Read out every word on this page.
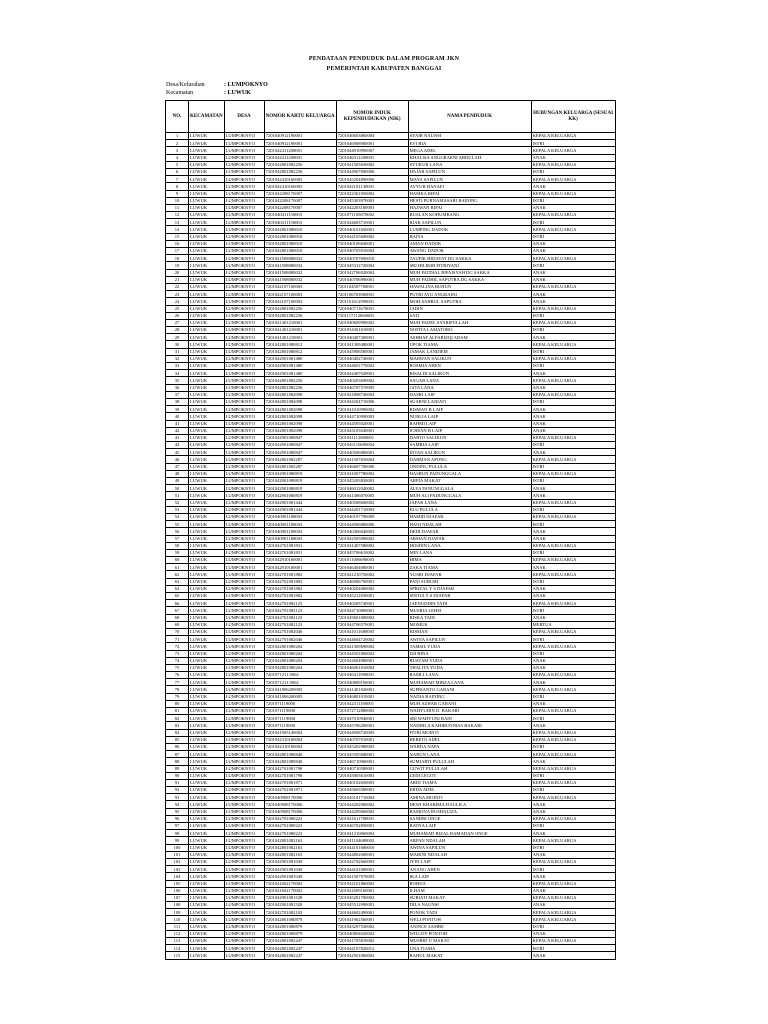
PENDATAAN PENDUDUK DALAM PROGRAM JKN
PEMERINTAH KABUPATEN BANGGAI
Desa/Kelurahan	: LUMPOKNYO
Kecamatan	: LUWUK
NO.	KECAMATAN	DESA	NOMOR KARTU KELUARGA	NOMOR INDUK KEPENDUDUKAN (NIK)	NAMA PENDUDUK	HUBUNGAN KELUARGA (SESUAI KK)
1	LUWUK	LUMPOKNYO	7201040912190001	7201046603860004	SYAIR NAUNSI	KEPALA KELUARGA
2	LUWUK	LUMPOKNYO	7201040912190001	7201046908900001	EVI BIA	ISTRI
3	LUWUK	LUMPOKNYO	7201042411200001	7201044910990007	MEGA ADEL	KEPALA KELUARGA
4	LUWUK	LUMPOKNYO	7201042411200001	7201046311200001	KHALISA ANGGRAENI ABDULAH	ANAK
5	LUWUK	LUMPOKNYO	7201042801082256	7201041505650002	SYUKUR LANA	KEPALA KELUARGA
6	LUWUK	LUMPOKNYO	7201042801082256	7201044907690006	HAJAR SAPILUN	ISTRI
7	LUWUK	LUMPOKNYO	7201042410160005	7201045204890006	MAYA SAPILUN	KEPALA KELUARGA
8	LUWUK	LUMPOKNYO	7201042410160005	7201042101130001	AYYUB HANAFI	ANAK
9	LUWUK	LUMPOKNYO	7201042208170007	7201022301950002	HAMKA RIFAI	KEPALA KELUARGA
10	LUWUK	LUMPOKNYO	7201042208170007	7201045303970003	HESTI PURNAMASARI BAINING	ISTRI
11	LUWUK	LUMPOKNYO	7201042208170007	7201042203180003	HAZWAN RIFAI	ANAK
12	LUWUK	LUMPOKNYO	7201040411150003	7201071105870002	RUSLAN KOHUMBANG	KEPALA KELUARGA
13	LUWUK	LUMPOKNYO	7201040411150003	7201044603710001	RIAK SAPILUN	ISTRI
14	LUWUK	LUMPOKNYO	7201042801080010	7201040101650001	LUMPING DADOK	KEPALA KELUARGA
15	LUWUK	LUMPOKNYO	7201042801080010	7201044105600002	BAIYA	ISTRI
16	LUWUK	LUMPOKNYO	7201042801080010	7201040106840001	AMAN DADOK	ANAK
17	LUWUK	LUMPOKNYO	7201042801080010	7201040705910004	AWANG DADOK	ANAK
18	LUWUK	LUMPOKNYO	7201041508080032	7201040707690010	TAUFIK HIDAYAT DG SAKKA	KEPALA KELUARGA
19	LUWUK	LUMPOKNYO	7201041508080032	7201045312720004	SRI HILIKHI FITRIYANI	ISTRI
20	LUWUK	LUMPOKNYO	7201041508080032	7201042706920004	MUH FATDIAL RIFAISYAH DG SAKKA	ANAK
21	LUWUK	LUMPOKNYO	7201041508080032	7201040706990001	MUH FADHIL SAPUTRA DG SAKKA	ANAK
22	LUWUK	LUMPOKNYO	7201042107100003	7201104507760001	HAWALINA BUHUN	KEPALA KELUARGA
23	LUWUK	LUMPOKNYO	7201042107100003	7201106703960001	PUTRI AYU ANGRAINI	ANAK
24	LUWUK	LUMPOKNYO	7201042107100003	7201101612990001	MOH.SAHRUL SAPUTRA	ANAK
25	LUWUK	LUMPOKNYO	7201042801082256	7201040711670001	JADIN	KEPALA KELUARGA
26	LUWUK	LUMPOKNYO	7201042801082256	7201117112660003	SATI	ISTRI
27	LUWUK	LUMPOKNYO	7201041401210001	7201040609990002	MUH FADEL SYARIFULLAH	KEPALA KELUARGA
28	LUWUK	LUMPOKNYO	7201041401210001	7201054301010001	NOFITA LAMATORO	ISTRI
29	LUWUK	LUMPOKNYO	7201041401210001	7201040407200001	ASHHAF ALFARIZQI ADAM	ANAK
30	LUWUK	LUMPOKNYO	7201042801080812	7201041309480001	UPOK TIAMA	KEPALA KELUARGA
31	LUWUK	LUMPOKNYO	7201042801080812	7201045906580001	JAMAK LANDIEM	ISTRI
32	LUWUK	LUMPOKNYO	7201042901081480	7201040402740001	MARWAN SALIKUN	KEPALA KELUARGA
33	LUWUK	LUMPOKNYO	7201042901081480	7201044601770002	ROSMIA AHEN	ISTRI
34	LUWUK	LUMPOKNYO	7201042901081480	7201042407020001	RISALDI SALIKUN	ANAK
35	LUWUK	LUMPOKNYO	7201042801082256	7201040203690002	SAGAB LANA	KEPALA KELUARGA
36	LUWUK	LUMPOKNYO	7201042801082256	7201046707570005	GITA LANA	ANAK
37	LUWUK	LUMPOKNYO	7201042801082098	7201041808740004	DASRI LAIP	KEPALA KELUARGA
38	LUWUK	LUMPOKNYO	7201042801082098	7201044204710006	SUARNI LANIATI	ISTRI
39	LUWUK	LUMPOKNYO	7201042801082098	7201041010990002	RISMAN B LAIP	ANAK
40	LUWUK	LUMPOKNYO	7201042801082098	7201044710990003	NURLIA LAIP	ANAK
41	LUWUK	LUMPOKNYO	7201042801082098	7201044505020001	RAHMI LAIP	ANAK
42	LUWUK	LUMPOKNYO	7201042801082098	7201043103040001	ICHSAN B LAIP	ANAK
43	LUWUK	LUMPOKNYO	7201042901080847	7201041112680001	DARTO SALIKUN	KEPALA KELUARGA
44	LUWUK	LUMPOKNYO	7201042901080847	7201045110690004	SAMRIA LAIP	ISTRI
45	LUWUK	LUMPOKNYO	7201042901080847	7201040506080001	INTAN SALIKUN	ANAK
46	LUWUK	LUMPOKNYO	7201042801082287	7201041507650004	DARMAN APONG	KEPALA KELUARGA
47	LUWUK	LUMPOKNYO	7201042801082287	7201046607780006	ONDING PULULA	ISTRI
48	LUWUK	LUMPOKNYO	7201042901080819	7201041007780002	HASRUN PADUNGGALA	KEPALA KELUARGA
49	LUWUK	LUMPOKNYO	7201042901080819	7201045203830003	ARPIA MAKAT	ISTRI
50	LUWUK	LUMPOKNYO	7201042901080819	7201046012040002	ALYA PANUNGGALA	ANAK
51	LUWUK	LUMPOKNYO	7201042901080819	7201041406070005	MUH ALI PADUNGGALA	ANAK
52	LUWUK	LUMPOKNYO	7201042901081444	7201040508600002	JAFAR LANA	KEPALA KELUARGA
53	LUWUK	LUMPOKNYO	7201042901081444	7201044201710003	ELU PULULA	ISTRI
54	LUWUK	LUMPOKNYO	7201040901180003	7201040107790009	HAMID DJAFAR	KEPALA KELUARGA
55	LUWUK	LUMPOKNYO	7201040901180003	7201044906880006	HANI NDALAH	ISTRI
56	LUWUK	LUMPOKNYO	7201040901180003	7201040406040003	DEDI DJAFAR	ANAK
57	LUWUK	LUMPOKNYO	7201040901180003	7201042505090002	ARMAN DJAFAR	ANAK
58	LUWUK	LUMPOKNYO	7201042701081831	7201041407580002	HOSDIN LANA	KEPALA KELUARGA
59	LUWUK	LUMPOKNYO	7201042701081831	7201045706610002	MIN LANA	ISTRI
60	LUWUK	LUMPOKNYO	7201042910100001	7201011006690003	HIMA	KEPALA KELUARGA
61	LUWUK	LUMPOKNYO	7201042910100001	7201046404080001	ZAKA TIAMA	ANAK
62	LUWUK	LUMPOKNYO	7201042701081882	7201041210750002	YUSRI DJAFAR	KEPALA KELUARGA
63	LUWUK	LUMPOKNYO	7201042701081882	7201046906790001	PANI SUBUHI	ISTRI
64	LUWUK	LUMPOKNYO	7201042701081882	7201040204000002	SPRIZAL Y S DJAFAR	ANAK
65	LUWUK	LUMPOKNYO	7201042701081882	7201045212030001	SINTIA Y S DJAFAR	ANAK
66	LUWUK	LUMPOKNYO	7201042701082123	7201040205740001	JAENUDDIN TADI	KEPALA KELUARGA
67	LUWUK	LUMPOKNYO	7201042701082123	7201044710800001	MUSRIA LEHSI	ISTRI
68	LUWUK	LUMPOKNYO	7201042701082123	7201045601000002	RISKA TADI	ANAK
69	LUWUK	LUMPOKNYO	7201042701082123	7201044706570001	MOMUK	MERTUA
70	LUWUK	LUMPOKNYO	7201042701082046	7201041011680005	KISMAN	KEPALA KELUARGA
71	LUWUK	LUMPOKNYO	7201042701082046	7201044604720002	AWINA SAPILUN	ISTRI
72	LUWUK	LUMPOKNYO	7201042801080204	7201041309690002	TAMSIL YUDA	KEPALA KELUARGA
73	LUWUK	LUMPOKNYO	7201042801080204	7201044501800002	DJI BINA	ISTRI
74	LUWUK	LUMPOKNYO	7201042801080204	7201042604980001	RUSTAM YUDA	ANAK
75	LUWUK	LUMPOKNYO	7201042801080204	7201046061010004	THALITA YUDA	ANAK
76	LUWUK	LUMPOKNYO	7201071211 0002	7201046411890001	RAMLI LANA	KEPALA KELUARGA
77	LUWUK	LUMPOKNYO	7201071211 0002	7201040809190001	MUHAMAD MIRZA LANA	ANAK
78	LUWUK	LUMPOKNYO	7201041806200005	7201041401020001	SUPRIANTO GARANI	KEPALA KELUARGA
79	LUWUK	LUMPOKNYO	7201041806200005	7201046801010001	NADIA BAINING	ISTRI
80	LUWUK	LUMPOKNYO	7201071119000	7201042311180001	MUH AZHAR GARANI	ANAK
81	LUWUK	LUMPOKNYO	7201071119000	7201072712880003	WAHYUDIN D. BAKARI	KEPALA KELUARGA
82	LUWUK	LUMPOKNYO	7201071119000	7201047010940001	SRI WAHYUNI BAIN	ISTRI
83	LUWUK	LUMPOKNYO	7201071119000	7201045706200001	NADHILA KAHIRUNNISA BAKARI	ANAK
84	LUWUK	LUMPOKNYO	7201041905140004	7201044908720005	FITRI MOINTI	KEPALA KELUARGA
85	LUWUK	LUMPOKNYO	7201042310180004	7201040707910001	BERETO ADEL	KEPALA KELUARGA
86	LUWUK	LUMPOKNYO	7201042310180004	7201045202980003	WARDA NAPA	ISTRI
87	LUWUK	LUMPOKNYO	7201042801080840	7201045505680001	NARUN LANA	KEPALA KELUARGA
88	LUWUK	LUMPOKNYO	7201042801080840	7201046710960001	SUMIARTI PULULAH	ANAK
89	LUWUK	LUMPOKNYO	7201042701081798	7201040710580001	GUWIT PULULAH	KEPALA KELUARGA
90	LUWUK	LUMPOKNYO	7201042701081798	7201045003610003	LEDI LEGOT	ISTRI
91	LUWUK	LUMPOKNYO	7201042701081871	7201040102650003	ARDI TIAMA	KEPALA KELUARGA
92	LUWUK	LUMPOKNYO	7201042701081871	7201045603580001	ERDA ADEL	ISTRI
93	LUWUK	LUMPOKNYO	7201040908170006	7201045101710004	AMINA MOINTI	KEPALA KELUARGA
94	LUWUK	LUMPOKNYO	7201040908170006	7201044202000002	DEWI KHARIMA H SULILA	ANAK
95	LUWUK	LUMPOKNYO	7201040908170006	7201044209060002	RAMONA RUSHALIZA	ANAK
96	LUWUK	LUMPOKNYO	7201042701080223	7201041611780001	SANDRI ONGE	KEPALA KELUARGA
97	LUWUK	LUMPOKNYO	7201042701080223	7201046702850001	RATNA LAIP	ISTRI
98	LUWUK	LUMPOKNYO	7201042701080223	7201041310060004	MUHAMAD RIZAL RAMADAN ONGE	ANAK
99	LUWUK	LUMPOKNYO	7201042801082163	7201041104680002	ARPAN NDALAH	KEPALA KELUARGA
100	LUWUK	LUMPOKNYO	7201042801082163	7201044101680010	AWINA SAPILUN	ISTRI
101	LUWUK	LUMPOKNYO	7201042801082163	7201044802000001	MARINI NDALAH	ANAK
102	LUWUK	LUMPOKNYO	7201042901081049	7201042702660003	IYIN LAIP	KEPALA KELUARGA
103	LUWUK	LUMPOKNYO	7201042901081049	7201044101680001	ANANG AHEN	ISTRI
104	LUWUK	LUMPOKNYO	7201042901081049	7201041507970003	IKA LAIP	ANAK
105	LUWUK	LUMPOKNYO	7201041602170002	7201042101860002	ROHIJA	KEPALA KELUARGA
106	LUWUK	LUMPOKNYO	7201041602170002	7201041609160001	ILHAM	ANAK
107	LUWUK	LUMPOKNYO	7201042901081528	7201045201700002	SURIATI MAKAT	KEPALA KELUARGA
108	LUWUK	LUMPOKNYO	7201042901081528	7201045512990001	DILA NAUNSI	ANAK
109	LUWUK	LUMPOKNYO	7201042701082103	7201044602490001	PONOK TADI	KEPALA KELUARGA
110	LUWUK	LUMPOKNYO	7201042801080879	7201041902560001	WELI PONTOH	KEPALA KELUARGA
111	LUWUK	LUMPOKNYO	7201042801080879	7201043297530002	ANINCE SAMBE	ISTRI
112	LUWUK	LUMPOKNYO	7201042801080879	7201040804020002	WILLDY PONTOH	ANAK
113	LUWUK	LUMPOKNYO	7201042801082247	7201041705810002	MUSBID U MAKAT	KEPALA KELUARGA
114	LUWUK	LUMPOKNYO	7201042801082247	7201044107820012	UNA TIAMA	ISTRI
115	LUWUK	LUMPOKNYO	7201042801082247	7201042501000002	RAHUL MAKAT	ANAK
